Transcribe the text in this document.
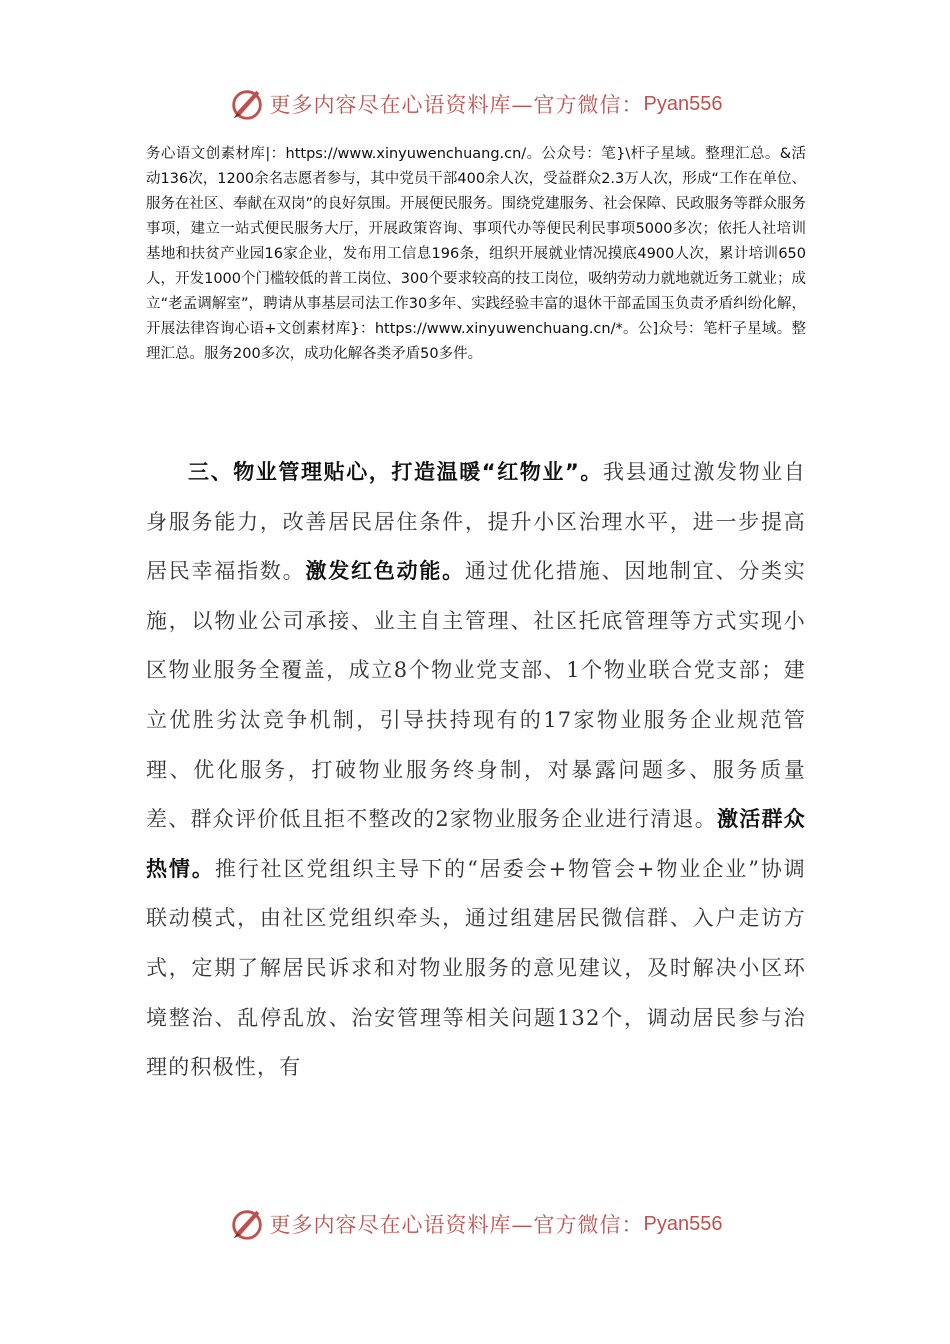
更多内容尽在心语资料库—官方微信： Pyan556

务心语文创素材库|：https://www.xinyuwenchuang.cn/。公众号：笔}\杆子星域。整理汇总。&活动136次，1200余名志愿者参与，其中党员干部400余人次，受益群众2.3万人次，形成“工作在单位、服务在社区、奉献在双岗”的良好氛围。开展便民服务。围绕党建服务、社会保障、民政服务等群众服务事项，建立一站式便民服务大厅，开展政策咨询、事项代办等便民利民事项5000多次；依托人社培训基地和扶贫产业园16家企业，发布用工信息196条，组织开展就业情况摸底4900人次，累计培训650人，开发1000个门槛较低的普工岗位、300个要求较高的技工岗位，吸纳劳动力就地就近务工就业；成立“老孟调解室”，聘请从事基层司法工作30多年、实践经验丰富的退休干部孟国玉负责矛盾纠纷化解，开展法律咨询心语+文创素材库}：https://www.xinyuwenchuang.cn/*。公]众号：笔杆子星域。整理汇总。服务200多次，成功化解各类矛盾50多件。

三、物业管理贴心，打造温暖“红物业”。我县通过激发物业自身服务能力，改善居民居住条件，提升小区治理水平，进一步提高居民幸福指数。激发红色动能。通过优化措施、因地制宜、分类实施，以物业公司承接、业主自主管理、社区托底管理等方式实现小区物业服务全覆盖，成立8个物业党支部、1个物业联合党支部；建立优胜劣汰竞争机制，引导扶持现有的17家物业服务企业规范管理、优化服务，打破物业服务终身制，对暴露问题多、服务质量差、群众评价低且拒不整改的2家物业服务企业进行清退。激活群众热情。推行社区党组织主导下的“居委会+物管会+物业企业”协调联动模式，由社区党组织牵头，通过组建居民微信群、入户走访方式，定期了解居民诉求和对物业服务的意见建议，及时解决小区环境整治、乱停乱放、治安管理等相关问题132个，调动居民参与治理的积极性，有

更多内容尽在心语资料库—官方微信： Pyan556
